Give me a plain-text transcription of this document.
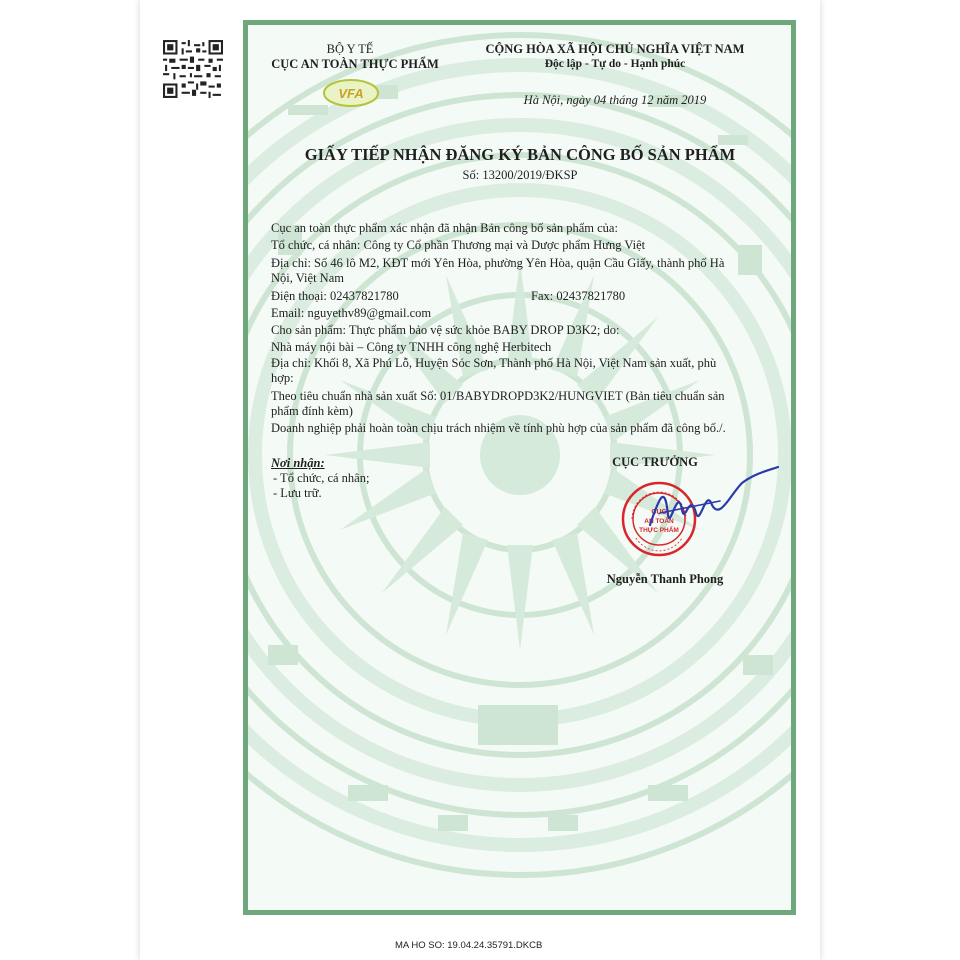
VFA
BỘ Y TẾ
CỤC AN TOÀN THỰC PHẨM
CỘNG HÒA XÃ HỘI CHỦ NGHĨA VIỆT NAM
Độc lập - Tự do - Hạnh phúc
Hà Nội, ngày 04 tháng 12 năm 2019
GIẤY TIẾP NHẬN ĐĂNG KÝ BẢN CÔNG BỐ SẢN PHẨM
Số: 13200/2019/ĐKSP
Cục an toàn thực phẩm xác nhận đã nhận Bản công bố sản phẩm của:
Tổ chức, cá nhân: Công ty Cổ phần Thương mại và Dược phẩm Hưng Việt
Địa chỉ: Số 46 lô M2, KĐT mới Yên Hòa, phường Yên Hòa, quận Cầu Giấy, thành phố Hà
Nội, Việt Nam
Điện thoại: 02437821780	Fax: 02437821780
Email: nguyethv89@gmail.com
Cho sản phẩm: Thực phẩm bảo vệ sức khỏe BABY DROP D3K2; do:
Nhà máy nội bài – Công ty TNHH công nghệ Herbitech
Địa chỉ: Khối 8, Xã Phú Lỗ, Huyện Sóc Sơn, Thành phố Hà Nội, Việt Nam sản xuất, phù
hợp:
Theo tiêu chuẩn nhà sản xuất Số: 01/BABYDROPD3K2/HUNGVIET (Bản tiêu chuẩn sản
phẩm đính kèm)
Doanh nghiệp phải hoàn toàn chịu trách nhiệm về tính phù hợp của sản phẩm đã công bố./.
Nơi nhận:
- Tổ chức, cá nhân;
- Lưu trữ.
CỤC TRƯỞNG
CỤC
AN TOÀN
THỰC PHẨM
Nguyễn Thanh Phong
MA HO SO: 19.04.24.35791.DKCB
